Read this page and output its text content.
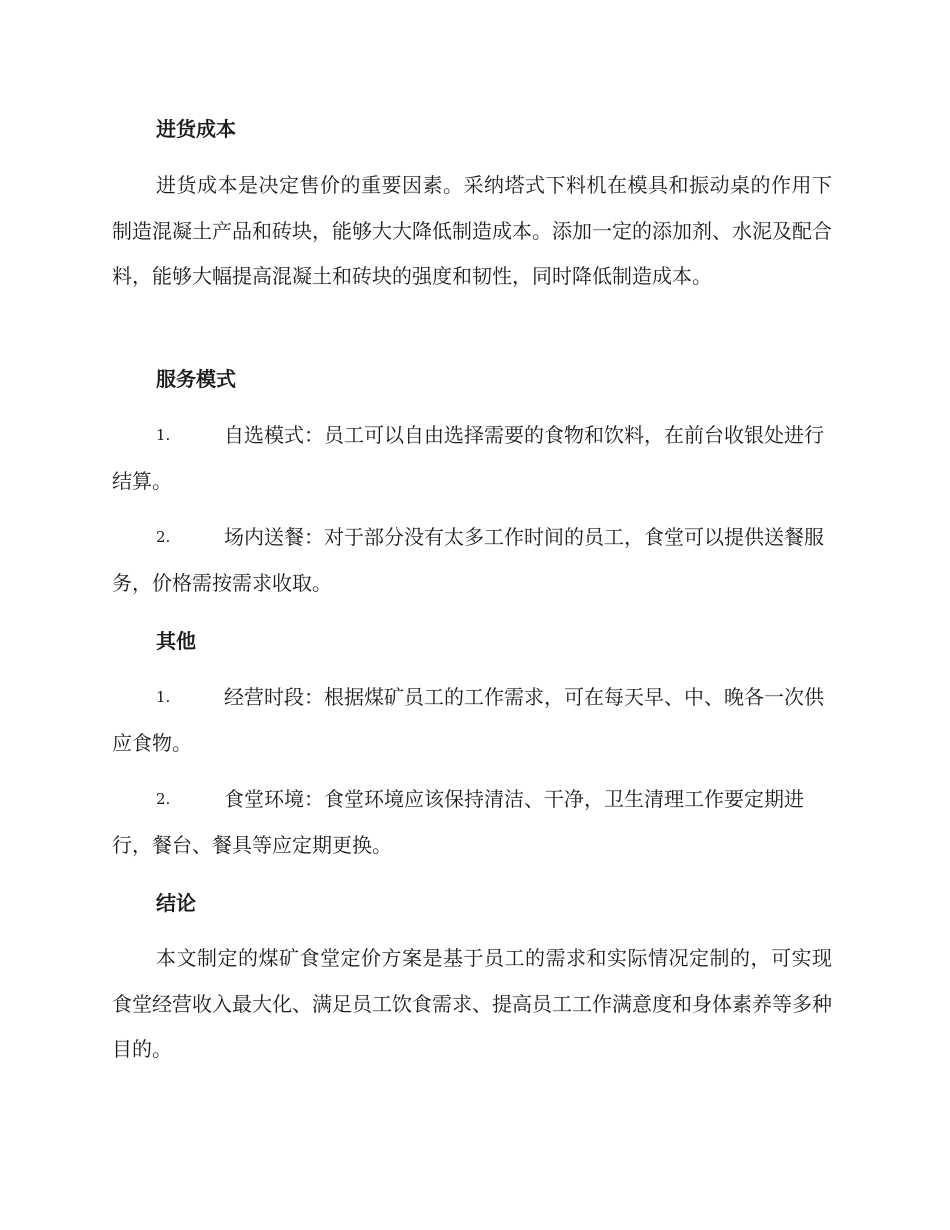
进货成本

进货成本是决定售价的重要因素。采纳塔式下料机在模具和振动桌的作用下制造混凝土产品和砖块，能够大大降低制造成本。添加一定的添加剂、水泥及配合料，能够大幅提高混凝土和砖块的强度和韧性，同时降低制造成本。

服务模式
1.	自选模式：员工可以自由选择需要的食物和饮料，在前台收银处进行结算。
2.	场内送餐：对于部分没有太多工作时间的员工，食堂可以提供送餐服务，价格需按需求收取。
其他
1.	经营时段：根据煤矿员工的工作需求，可在每天早、中、晚各一次供应食物。
2.	食堂环境：食堂环境应该保持清洁、干净，卫生清理工作要定期进行，餐台、餐具等应定期更换。
结论

本文制定的煤矿食堂定价方案是基于员工的需求和实际情况定制的，可实现食堂经营收入最大化、满足员工饮食需求、提高员工工作满意度和身体素养等多种目的。
